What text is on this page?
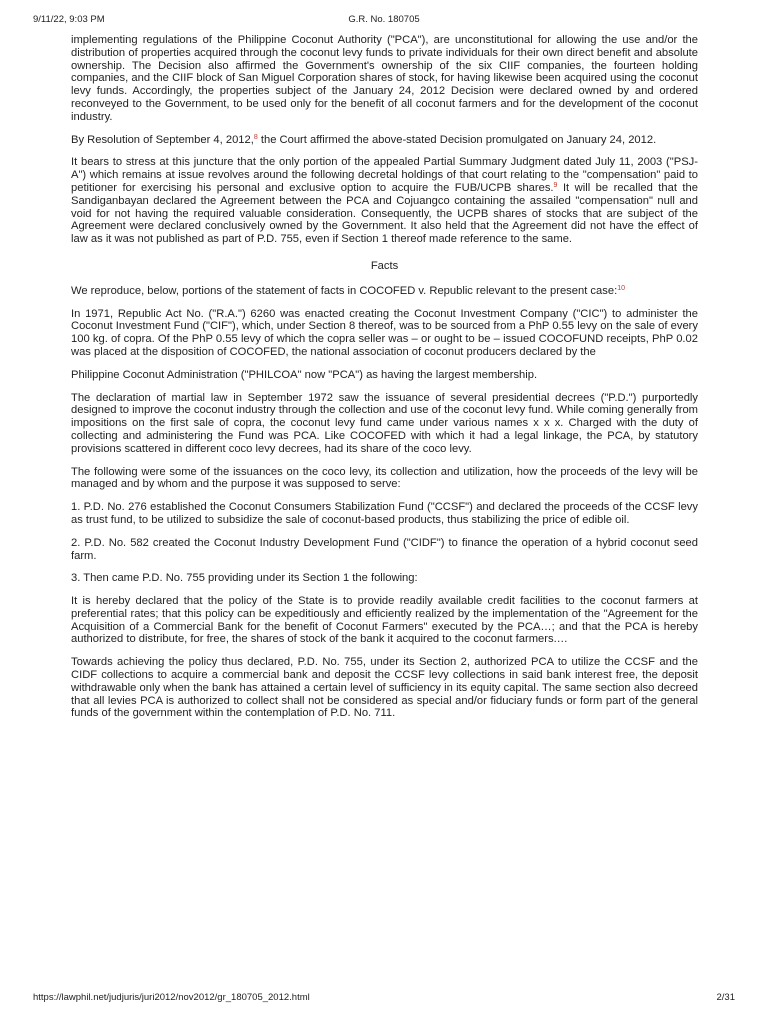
9/11/22, 9:03 PM	G.R. No. 180705

implementing regulations of the Philippine Coconut Authority ("PCA"), are unconstitutional for allowing the use and/or the distribution of properties acquired through the coconut levy funds to private individuals for their own direct benefit and absolute ownership. The Decision also affirmed the Government's ownership of the six CIIF companies, the fourteen holding companies, and the CIIF block of San Miguel Corporation shares of stock, for having likewise been acquired using the coconut levy funds. Accordingly, the properties subject of the January 24, 2012 Decision were declared owned by and ordered reconveyed to the Government, to be used only for the benefit of all coconut farmers and for the development of the coconut industry.

By Resolution of September 4, 2012,$^8$ the Court affirmed the above-stated Decision promulgated on January 24, 2012.

It bears to stress at this juncture that the only portion of the appealed Partial Summary Judgment dated July 11, 2003 ("PSJ-A") which remains at issue revolves around the following decretal holdings of that court relating to the "compensation" paid to petitioner for exercising his personal and exclusive option to acquire the FUB/UCPB shares.$^9$ It will be recalled that the Sandiganbayan declared the Agreement between the PCA and Cojuangco containing the assailed "compensation" null and void for not having the required valuable consideration. Consequently, the UCPB shares of stocks that are subject of the Agreement were declared conclusively owned by the Government. It also held that the Agreement did not have the effect of law as it was not published as part of P.D. 755, even if Section 1 thereof made reference to the same.

Facts

We reproduce, below, portions of the statement of facts in COCOFED v. Republic relevant to the present case:$^{10}$

In 1971, Republic Act No. ("R.A.") 6260 was enacted creating the Coconut Investment Company ("CIC") to administer the Coconut Investment Fund ("CIF"), which, under Section 8 thereof, was to be sourced from a PhP 0.55 levy on the sale of every 100 kg. of copra. Of the PhP 0.55 levy of which the copra seller was – or ought to be – issued COCOFUND receipts, PhP 0.02 was placed at the disposition of COCOFED, the national association of coconut producers declared by the

Philippine Coconut Administration ("PHILCOA" now "PCA") as having the largest membership.

The declaration of martial law in September 1972 saw the issuance of several presidential decrees ("P.D.") purportedly designed to improve the coconut industry through the collection and use of the coconut levy fund. While coming generally from impositions on the first sale of copra, the coconut levy fund came under various names x x x. Charged with the duty of collecting and administering the Fund was PCA. Like COCOFED with which it had a legal linkage, the PCA, by statutory provisions scattered in different coco levy decrees, had its share of the coco levy.

The following were some of the issuances on the coco levy, its collection and utilization, how the proceeds of the levy will be managed and by whom and the purpose it was supposed to serve:

1. P.D. No. 276 established the Coconut Consumers Stabilization Fund ("CCSF") and declared the proceeds of the CCSF levy as trust fund, to be utilized to subsidize the sale of coconut-based products, thus stabilizing the price of edible oil.

2. P.D. No. 582 created the Coconut Industry Development Fund ("CIDF") to finance the operation of a hybrid coconut seed farm.

3. Then came P.D. No. 755 providing under its Section 1 the following:

It is hereby declared that the policy of the State is to provide readily available credit facilities to the coconut farmers at preferential rates; that this policy can be expeditiously and efficiently realized by the implementation of the "Agreement for the Acquisition of a Commercial Bank for the benefit of Coconut Farmers" executed by the PCA…; and that the PCA is hereby authorized to distribute, for free, the shares of stock of the bank it acquired to the coconut farmers.…

Towards achieving the policy thus declared, P.D. No. 755, under its Section 2, authorized PCA to utilize the CCSF and the CIDF collections to acquire a commercial bank and deposit the CCSF levy collections in said bank interest free, the deposit withdrawable only when the bank has attained a certain level of sufficiency in its equity capital. The same section also decreed that all levies PCA is authorized to collect shall not be considered as special and/or fiduciary funds or form part of the general funds of the government within the contemplation of P.D. No. 711.

https://lawphil.net/judjuris/juri2012/nov2012/gr_180705_2012.html	2/31
